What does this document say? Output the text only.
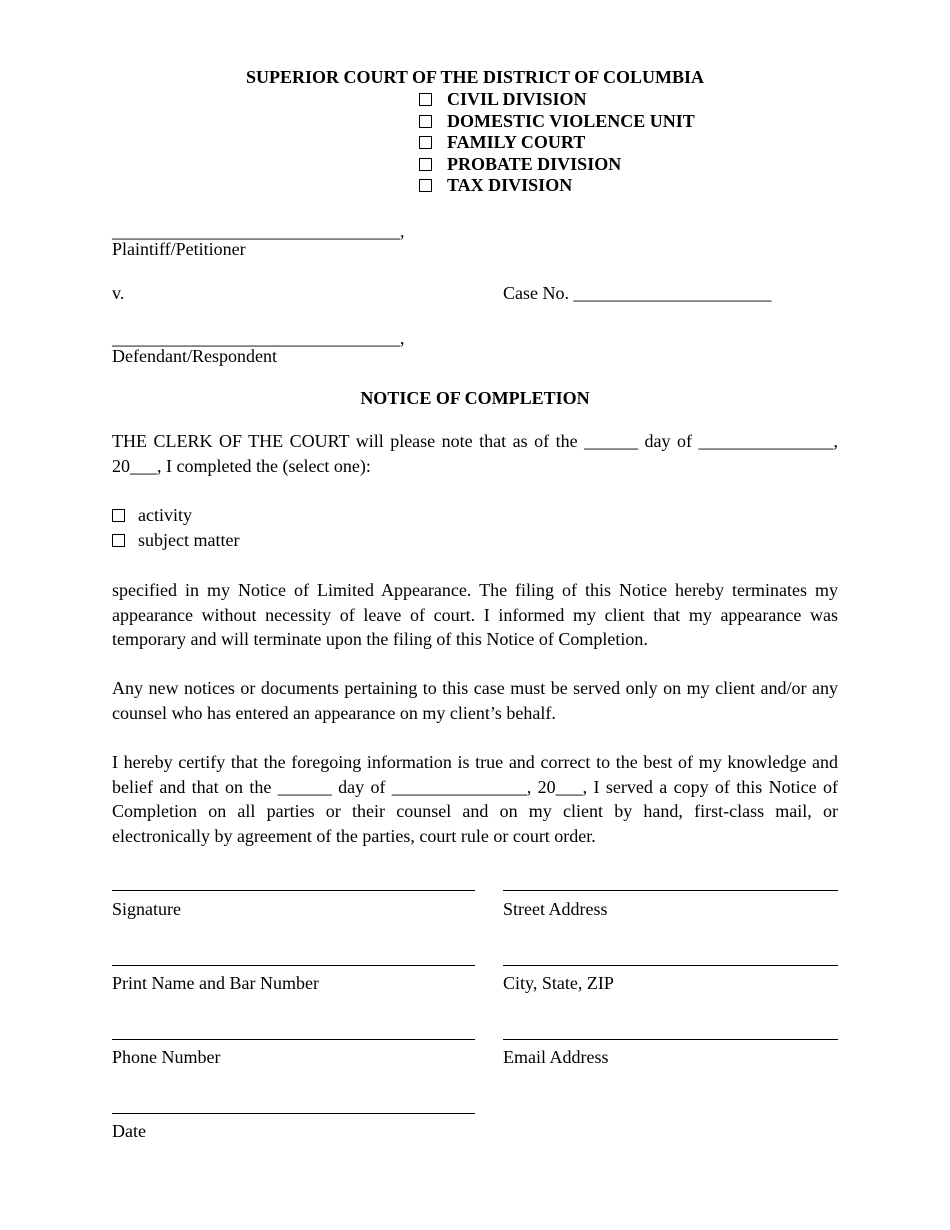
SUPERIOR COURT OF THE DISTRICT OF COLUMBIA
CIVIL DIVISION
DOMESTIC VIOLENCE UNIT
FAMILY COURT
PROBATE DIVISION
TAX DIVISION
________________________________,
Plaintiff/Petitioner
v.	Case No. ______________________
________________________________,
Defendant/Respondent
NOTICE OF COMPLETION
THE CLERK OF THE COURT will please note that as of the ______ day of _______________, 20___, I completed the (select one):
activity
subject matter
specified in my Notice of Limited Appearance. The filing of this Notice hereby terminates my appearance without necessity of leave of court. I informed my client that my appearance was temporary and will terminate upon the filing of this Notice of Completion.
Any new notices or documents pertaining to this case must be served only on my client and/or any counsel who has entered an appearance on my client’s behalf.
I hereby certify that the foregoing information is true and correct to the best of my knowledge and belief and that on the ______ day of _______________, 20___, I served a copy of this Notice of Completion on all parties or their counsel and on my client by hand, first-class mail, or electronically by agreement of the parties, court rule or court order.
Signature
Print Name and Bar Number
Phone Number
Date
Street Address
City, State, ZIP
Email Address
